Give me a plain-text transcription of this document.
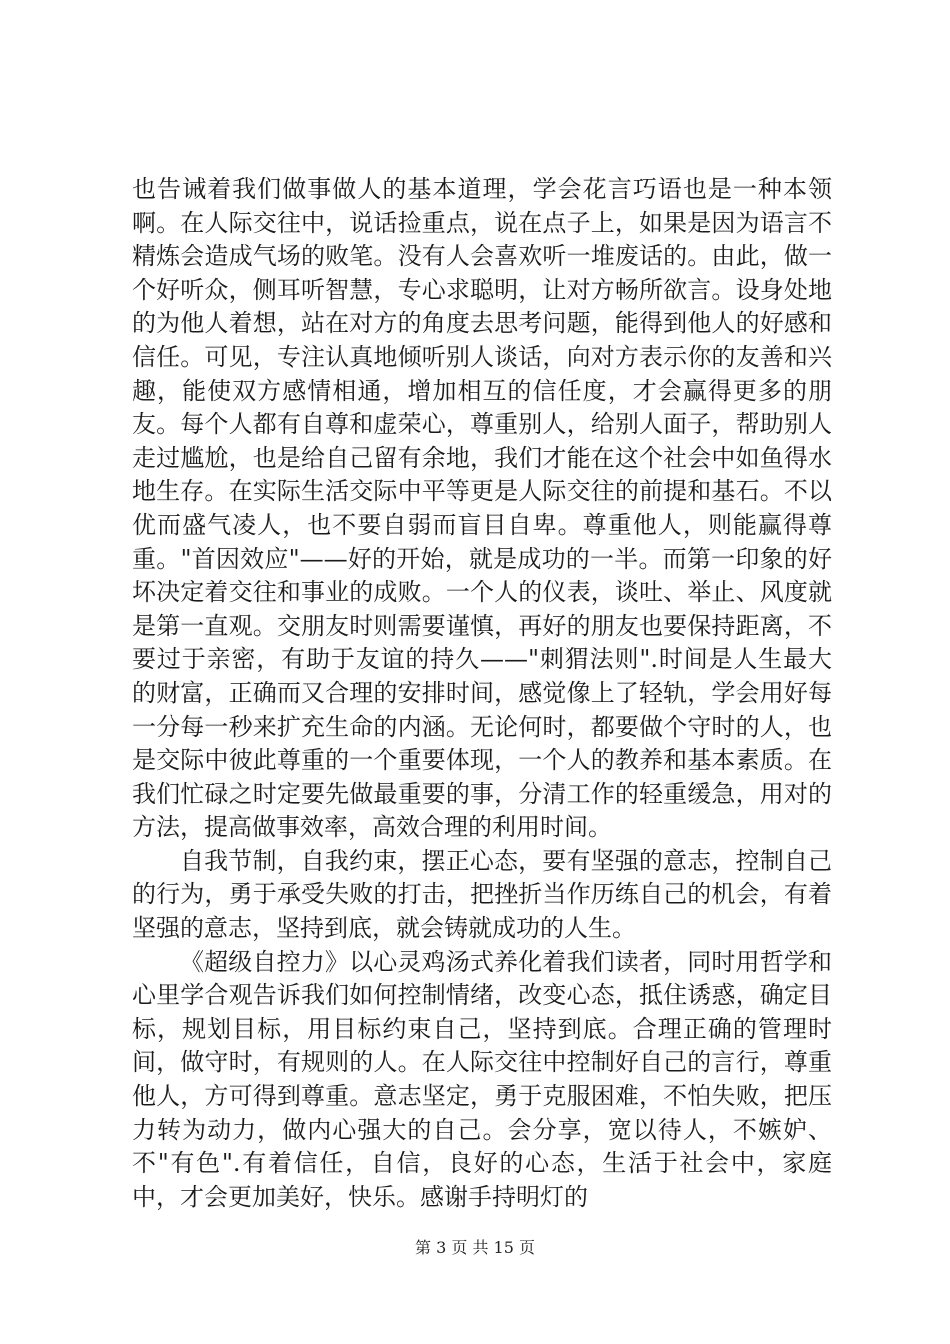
也告诫着我们做事做人的基本道理，学会花言巧语也是一种本领啊。在人际交往中，说话捡重点，说在点子上，如果是因为语言不精炼会造成气场的败笔。没有人会喜欢听一堆废话的。由此，做一个好听众，侧耳听智慧，专心求聪明，让对方畅所欲言。设身处地的为他人着想，站在对方的角度去思考问题，能得到他人的好感和信任。可见，专注认真地倾听别人谈话，向对方表示你的友善和兴趣，能使双方感情相通，增加相互的信任度，才会赢得更多的朋友。每个人都有自尊和虚荣心，尊重别人，给别人面子，帮助别人走过尴尬，也是给自己留有余地，我们才能在这个社会中如鱼得水地生存。在实际生活交际中平等更是人际交往的前提和基石。不以优而盛气凌人，也不要自弱而盲目自卑。尊重他人，则能赢得尊重。"首因效应"——好的开始，就是成功的一半。而第一印象的好坏决定着交往和事业的成败。一个人的仪表，谈吐、举止、风度就是第一直观。交朋友时则需要谨慎，再好的朋友也要保持距离，不要过于亲密，有助于友谊的持久——"刺猬法则".时间是人生最大的财富，正确而又合理的安排时间，感觉像上了轻轨，学会用好每一分每一秒来扩充生命的内涵。无论何时，都要做个守时的人，也是交际中彼此尊重的一个重要体现，一个人的教养和基本素质。在我们忙碌之时定要先做最重要的事，分清工作的轻重缓急，用对的方法，提高做事效率，高效合理的利用时间。

自我节制，自我约束，摆正心态，要有坚强的意志，控制自己的行为，勇于承受失败的打击，把挫折当作历练自己的机会，有着坚强的意志，坚持到底，就会铸就成功的人生。

《超级自控力》以心灵鸡汤式养化着我们读者，同时用哲学和心里学合观告诉我们如何控制情绪，改变心态，抵住诱惑，确定目标，规划目标，用目标约束自己，坚持到底。合理正确的管理时间，做守时，有规则的人。在人际交往中控制好自己的言行，尊重他人，方可得到尊重。意志坚定，勇于克服困难，不怕失败，把压力转为动力，做内心强大的自己。会分享，宽以待人，不嫉妒、不"有色".有着信任，自信，良好的心态，生活于社会中，家庭中，才会更加美好，快乐。感谢手持明灯的

第 3 页 共 15 页
